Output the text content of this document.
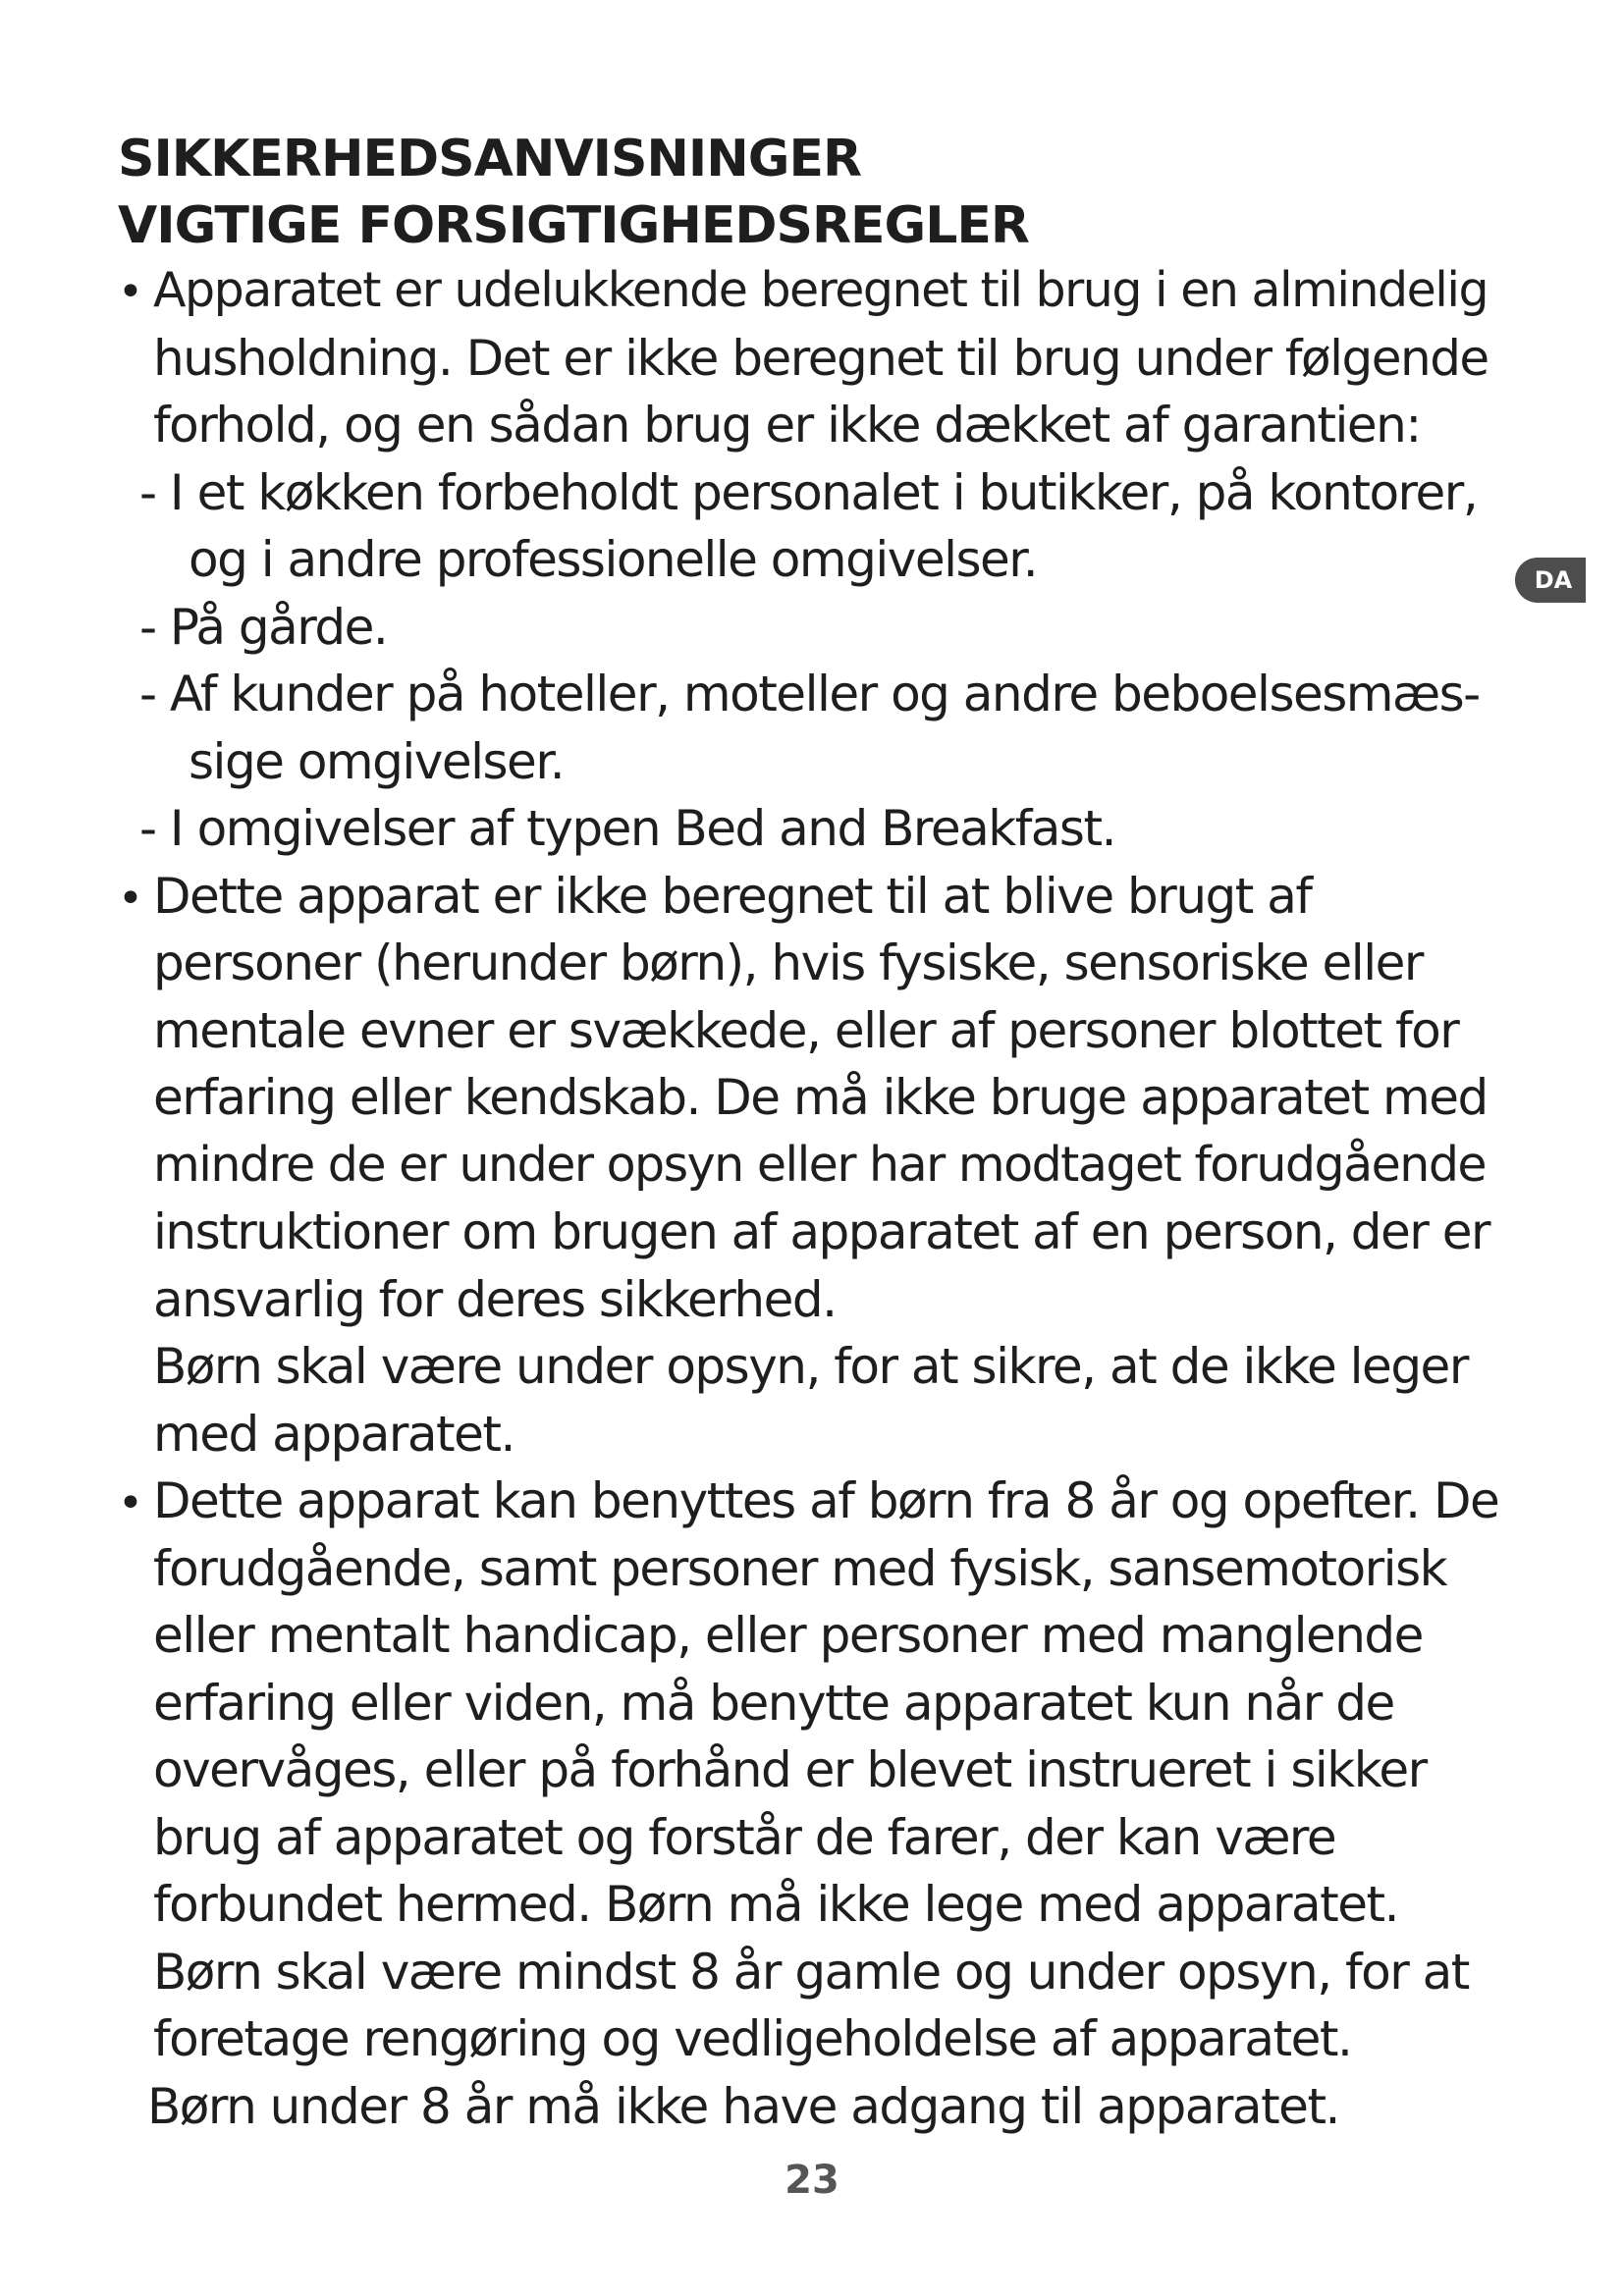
SIKKERHEDSANVISNINGER
VIGTIGE FORSIGTIGHEDSREGLER
• Apparatet er udelukkende beregnet til brug i en almindelig
husholdning. Det er ikke beregnet til brug under følgende
forhold, og en sådan brug er ikke dækket af garantien:
- I et køkken forbeholdt personalet i butikker, på kontorer,
og i andre professionelle omgivelser.
- På gårde.
- Af kunder på hoteller, moteller og andre beboelsesmæs-
sige omgivelser.
- I omgivelser af typen Bed and Breakfast.
• Dette apparat er ikke beregnet til at blive brugt af
personer (herunder børn), hvis fysiske, sensoriske eller
mentale evner er svækkede, eller af personer blottet for
erfaring eller kendskab. De må ikke bruge apparatet med
mindre de er under opsyn eller har modtaget forudgående
instruktioner om brugen af apparatet af en person, der er
ansvarlig for deres sikkerhed.
Børn skal være under opsyn, for at sikre, at de ikke leger
med apparatet.
• Dette apparat kan benyttes af børn fra 8 år og opefter. De
forudgående, samt personer med fysisk, sansemotorisk
eller mentalt handicap, eller personer med manglende
erfaring eller viden, må benytte apparatet kun når de
overvåges, eller på forhånd er blevet instrueret i sikker
brug af apparatet og forstår de farer, der kan være
forbundet hermed. Børn må ikke lege med apparatet.
Børn skal være mindst 8 år gamle og under opsyn, for at
foretage rengøring og vedligeholdelse af apparatet.
Børn under 8 år må ikke have adgang til apparatet.
DA
23
